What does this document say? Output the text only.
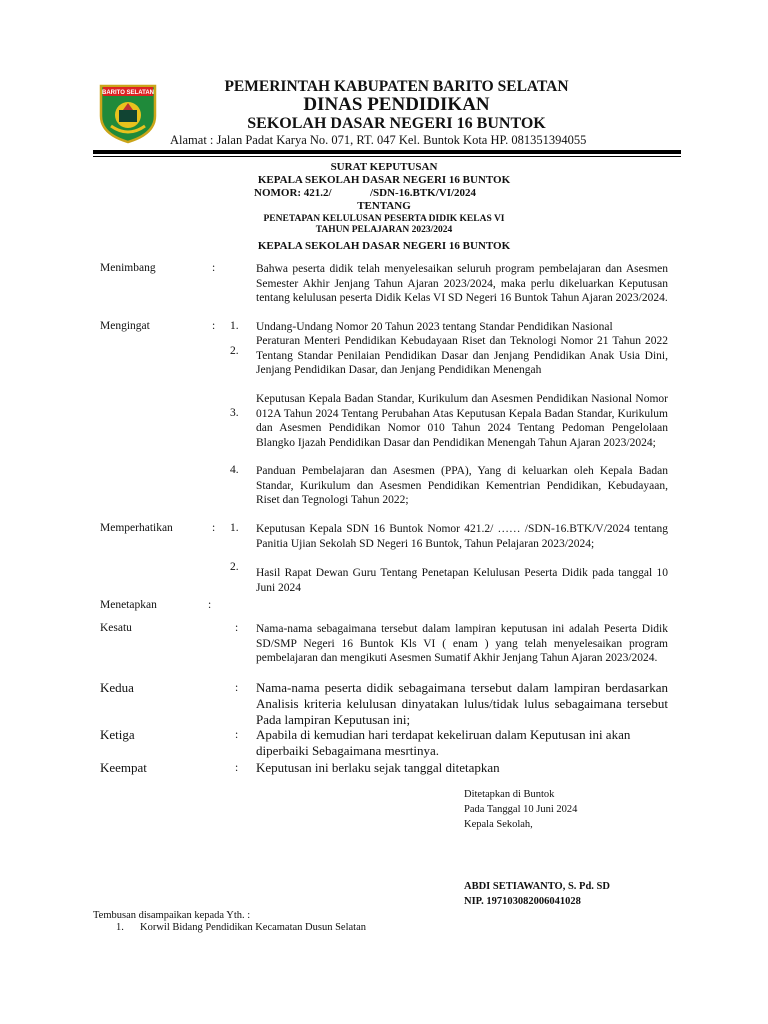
BARITO SELATAN	PEMERINTAH KABUPATEN BARITO SELATAN
DINAS PENDIDIKAN
SEKOLAH DASAR NEGERI 16 BUNTOK
Alamat : Jalan Padat Karya No. 071, RT. 047 Kel. Buntok Kota HP. 081351394055
SURAT KEPUTUSAN
KEPALA SEKOLAH DASAR NEGERI 16 BUNTOK
NOMOR: 421.2/	/SDN-16.BTK/VI/2024
TENTANG
PENETAPAN KELULUSAN PESERTA DIDIK KELAS VI
TAHUN PELAJARAN 2023/2024
KEPALA SEKOLAH DASAR NEGERI 16 BUNTOK
Menimbang	:	Bahwa peserta didik telah menyelesaikan seluruh program pembelajaran dan Asesmen Semester Akhir Jenjang Tahun Ajaran 2023/2024, maka perlu dikeluarkan Keputusan tentang kelulusan peserta Didik Kelas VI SD Negeri 16 Buntok Tahun Ajaran 2023/2024.
Mengingat	: 1. Undang-Undang Nomor 20 Tahun 2023 tentang Standar Pendidikan Nasional
2.
Peraturan Menteri Pendidikan Kebudayaan Riset dan Teknologi Nomor 21 Tahun 2022 Tentang Standar Penilaian Pendidikan Dasar dan Jenjang Pendidikan Anak Usia Dini, Jenjang Pendidikan Dasar, dan Jenjang Pendidikan Menengah
3.
Keputusan Kepala Badan Standar, Kurikulum dan Asesmen Pendidikan Nasional Nomor 012A Tahun 2024 Tentang Perubahan Atas Keputusan Kepala Badan Standar, Kurikulum dan Asesmen Pendidikan Nomor 010 Tahun 2024 Tentang Pedoman Pengelolaan Blangko Ijazah Pendidikan Dasar dan Pendidikan Menengah Tahun Ajaran 2023/2024;
4. Panduan Pembelajaran dan Asesmen (PPA), Yang di keluarkan oleh Kepala Badan Standar, Kurikulum dan Asesmen Pendidikan Kementrian Pendidikan, Kebudayaan, Riset dan Tegnologi Tahun 2022;
Memperhatikan	: 1. Keputusan Kepala SDN 16 Buntok Nomor 421.2/ …… /SDN-16.BTK/V/2024 tentang Panitia Ujian Sekolah SD Negeri 16 Buntok, Tahun Pelajaran 2023/2024;
2. Hasil Rapat Dewan Guru Tentang Penetapan Kelulusan Peserta Didik pada tanggal 10 Juni 2024
Menetapkan	:
Kesatu	: Nama-nama sebagaimana tersebut dalam lampiran keputusan ini adalah Peserta Didik SD/SMP Negeri 16 Buntok Kls VI ( enam ) yang telah menyelesaikan program pembelajaran dan mengikuti Asesmen Sumatif Akhir Jenjang Tahun Ajaran 2023/2024.
Kedua	: Nama-nama peserta didik sebagaimana tersebut dalam lampiran berdasarkan Analisis kriteria kelulusan dinyatakan lulus/tidak lulus sebagaimana tersebut Pada lampiran Keputusan ini;
Ketiga	: Apabila di kemudian hari terdapat kekeliruan dalam Keputusan ini akan diperbaiki Sebagaimana mesrtinya.
Keempat	: Keputusan ini berlaku sejak tanggal ditetapkan
Ditetapkan di Buntok
Pada Tanggal 10 Juni 2024
Kepala Sekolah,
ABDI SETIAWANTO, S. Pd. SD
NIP. 197103082006041028
Tembusan disampaikan kepada Yth. :
1. Korwil Bidang Pendidikan Kecamatan Dusun Selatan
